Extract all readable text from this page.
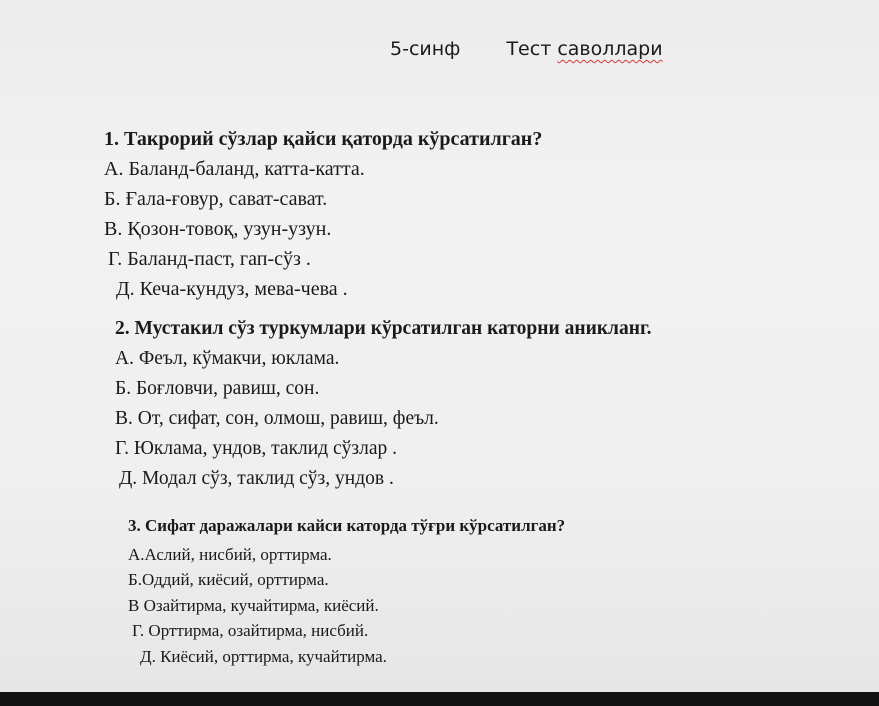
5-синф Тест саволлари
1. Такрорий сўзлар қайси қаторда кўрсатилган?
А. Баланд-баланд, катта-катта.
Б. Ғала-ғовур, сават-сават.
В. Қозон-товоқ, узун-узун.
Г. Баланд-паст, гап-сўз .
Д. Кеча-кундуз, мева-чева .
2. Мустакил сўз туркумлари кўрсатилган каторни аникланг.
А. Феъл, кўмакчи, юклама.
Б. Боғловчи, равиш, сон.
В. От, сифат, сон, олмош, равиш, феъл.
Г. Юклама, ундов, таклид сўзлар .
Д. Модал сўз, таклид сўз, ундов .
3. Сифат даражалари кайси каторда тўғри кўрсатилган?
А.Аслий, нисбий, орттирма.
Б.Оддий, киёсий, орттирма.
В Озайтирма, кучайтирма, киёсий.
Г. Орттирма, озайтирма, нисбий.
Д. Киёсий, орттирма, кучайтирма.
